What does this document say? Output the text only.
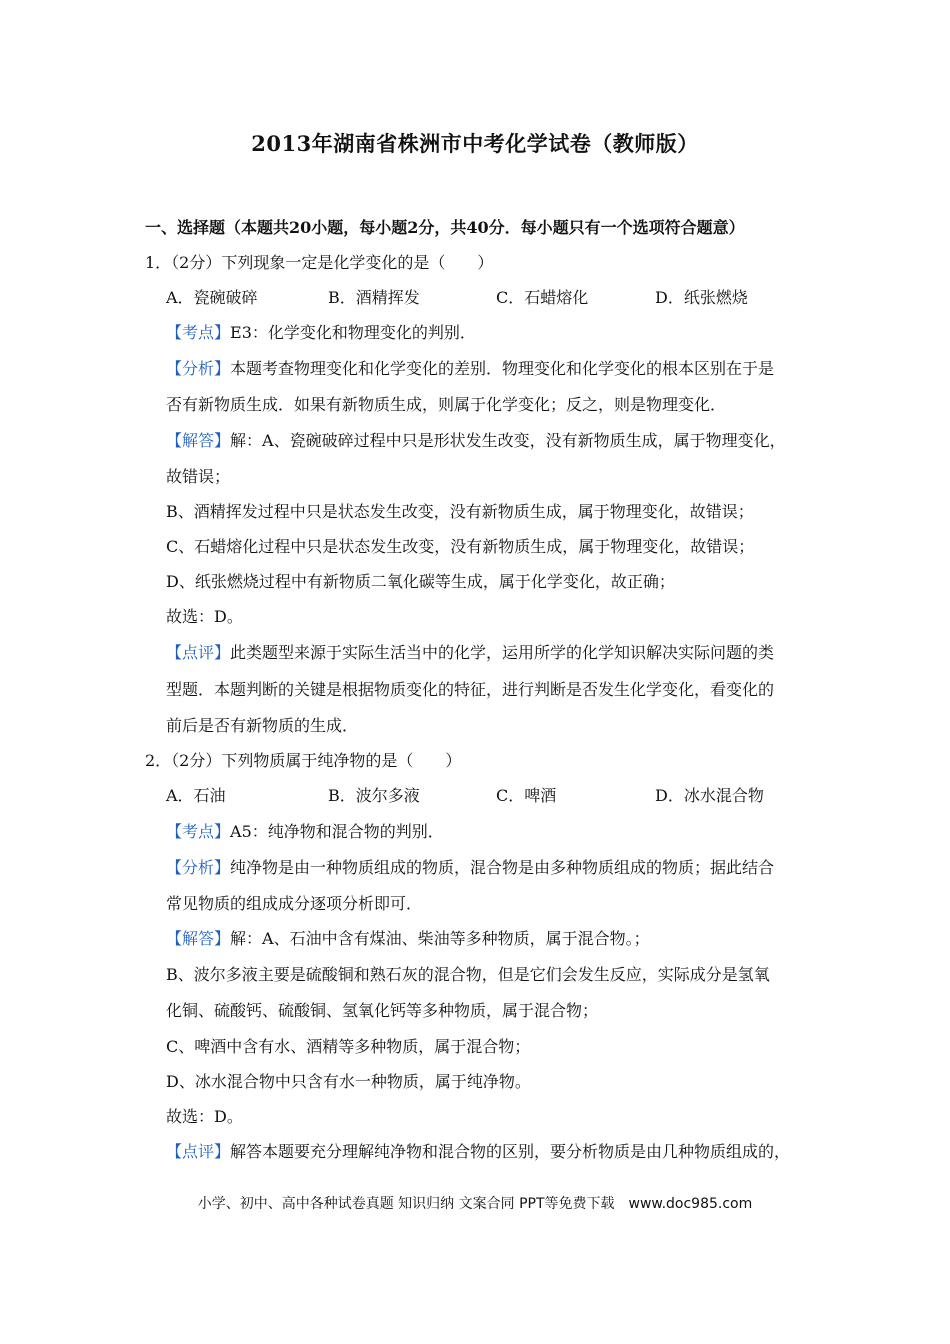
2013年湖南省株洲市中考化学试卷（教师版）
一、选择题（本题共20小题，每小题2分，共40分．每小题只有一个选项符合题意）
1．（2分）下列现象一定是化学变化的是（　　）
A．瓷碗破碎	B．酒精挥发	C．石蜡熔化	D．纸张燃烧
【考点】E3：化学变化和物理变化的判别．
【分析】本题考查物理变化和化学变化的差别．物理变化和化学变化的根本区别在于是
否有新物质生成．如果有新物质生成，则属于化学变化；反之，则是物理变化．
【解答】解：A、瓷碗破碎过程中只是形状发生改变，没有新物质生成，属于物理变化，
故错误；
B、酒精挥发过程中只是状态发生改变，没有新物质生成，属于物理变化，故错误；
C、石蜡熔化过程中只是状态发生改变，没有新物质生成，属于物理变化，故错误；
D、纸张燃烧过程中有新物质二氧化碳等生成，属于化学变化，故正确；
故选：D。
【点评】此类题型来源于实际生活当中的化学，运用所学的化学知识解决实际问题的类
型题．本题判断的关键是根据物质变化的特征，进行判断是否发生化学变化，看变化的
前后是否有新物质的生成．
2．（2分）下列物质属于纯净物的是（　　）
A．石油	B．波尔多液	C．啤酒	D．冰水混合物
【考点】A5：纯净物和混合物的判别．
【分析】纯净物是由一种物质组成的物质，混合物是由多种物质组成的物质；据此结合
常见物质的组成成分逐项分析即可．
【解答】解：A、石油中含有煤油、柴油等多种物质，属于混合物。；
B、波尔多液主要是硫酸铜和熟石灰的混合物，但是它们会发生反应，实际成分是氢氧
化铜、硫酸钙、硫酸铜、氢氧化钙等多种物质，属于混合物；
C、啤酒中含有水、酒精等多种物质，属于混合物；
D、冰水混合物中只含有水一种物质，属于纯净物。
故选：D。
【点评】解答本题要充分理解纯净物和混合物的区别，要分析物质是由几种物质组成的，
小学、初中、高中各种试卷真题 知识归纳 文案合同 PPT等免费下载　www.doc985.com
